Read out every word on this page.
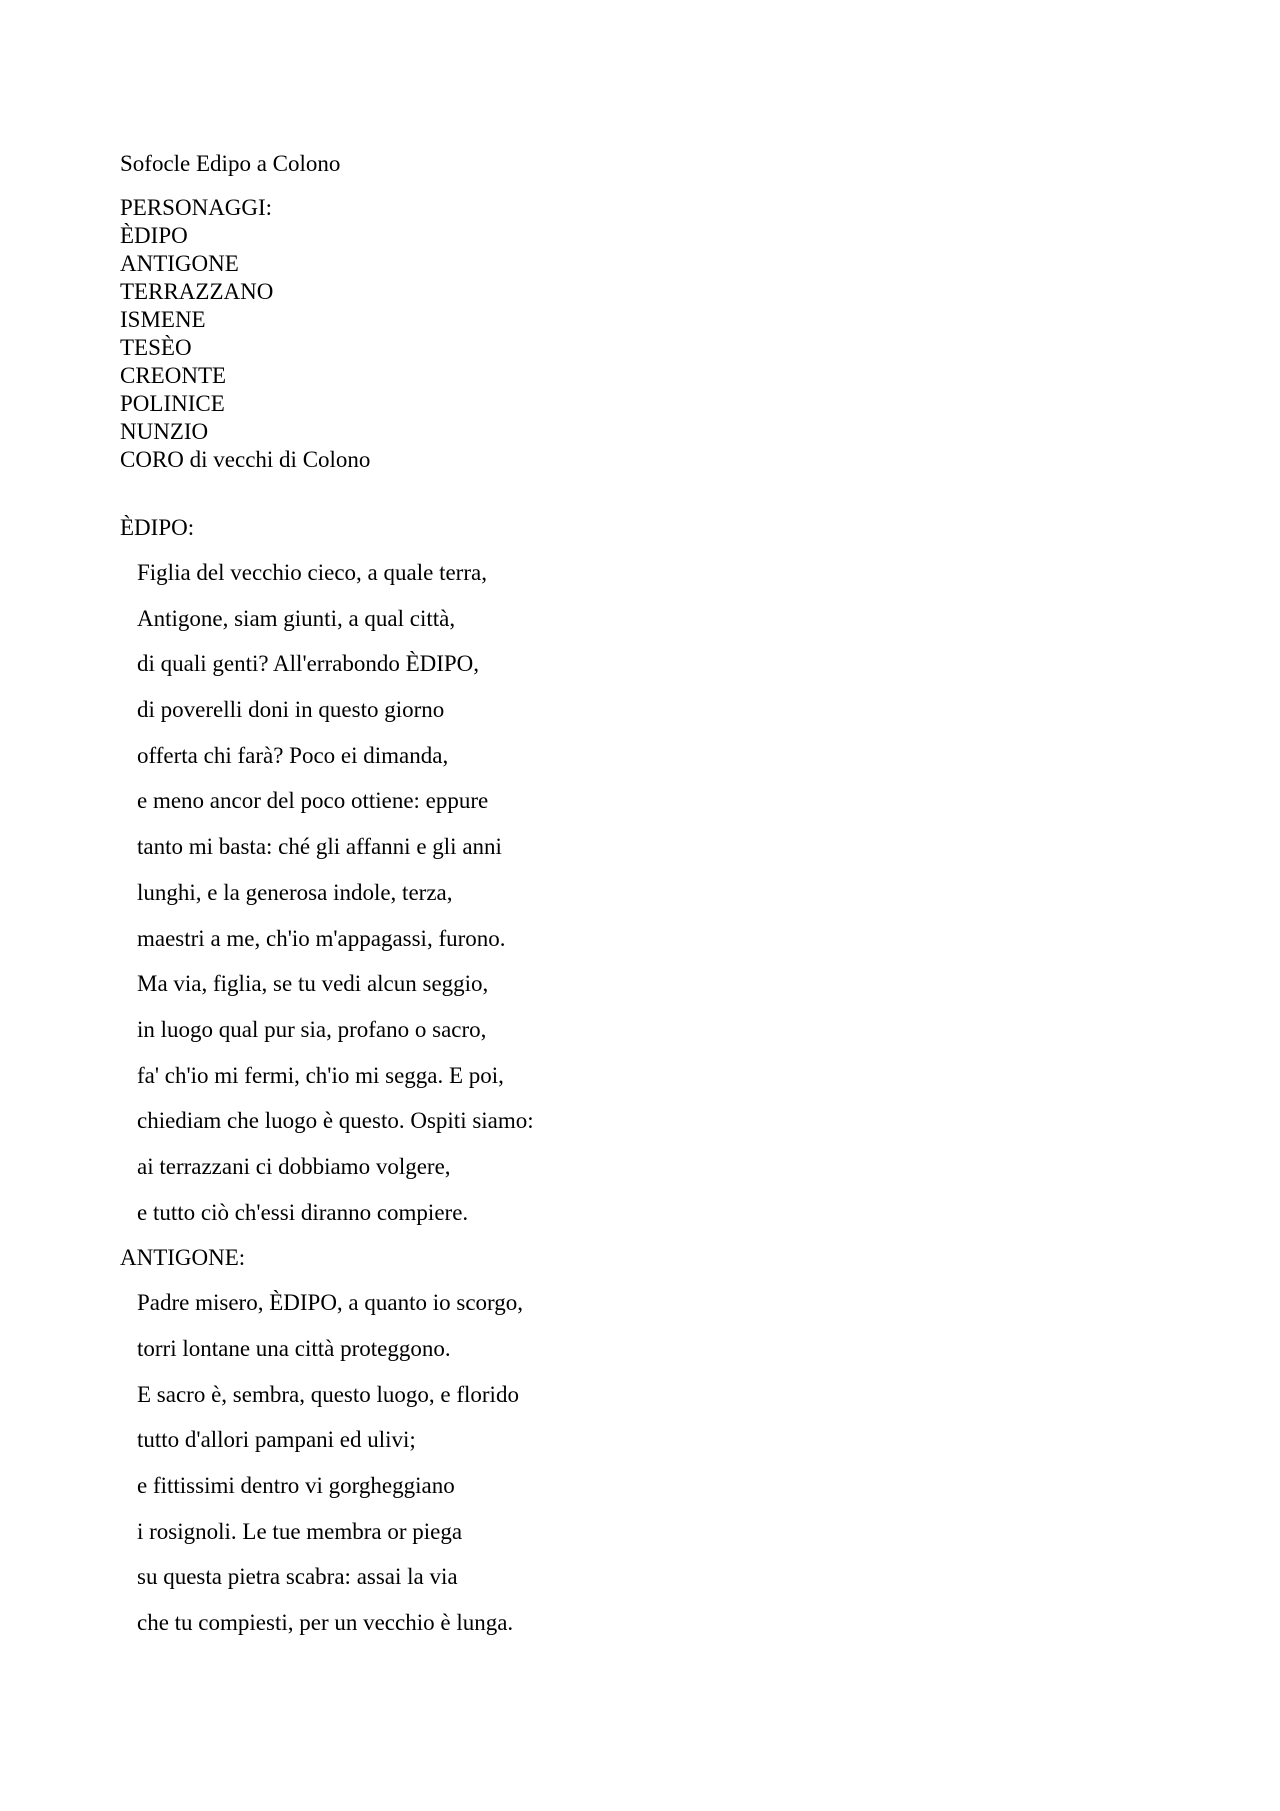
Sofocle Edipo a Colono

PERSONAGGI:
ÈDIPO
ANTIGONE
TERRAZZANO
ISMENE
TESÈO
CREONTE
POLINICE
NUNZIO
CORO di vecchi di Colono
ÈDIPO:
Figlia del vecchio cieco, a quale terra,
Antigone, siam giunti, a qual città,
di quali genti? All'errabondo ÈDIPO,
di poverelli doni in questo giorno
offerta chi farà? Poco ei dimanda,
e meno ancor del poco ottiene: eppure
tanto mi basta: ché gli affanni e gli anni
lunghi, e la generosa indole, terza,
maestri a me, ch'io m'appagassi, furono.
Ma via, figlia, se tu vedi alcun seggio,
in luogo qual pur sia, profano o sacro,
fa' ch'io mi fermi, ch'io mi segga. E poi,
chiediam che luogo è questo. Ospiti siamo:
ai terrazzani ci dobbiamo volgere,
e tutto ciò ch'essi diranno compiere.
ANTIGONE:
Padre misero, ÈDIPO, a quanto io scorgo,
torri lontane una città proteggono.
E sacro è, sembra, questo luogo, e florido
tutto d'allori pampani ed ulivi;
e fittissimi dentro vi gorgheggiano
i rosignoli. Le tue membra or piega
su questa pietra scabra: assai la via
che tu compiesti, per un vecchio è lunga.
